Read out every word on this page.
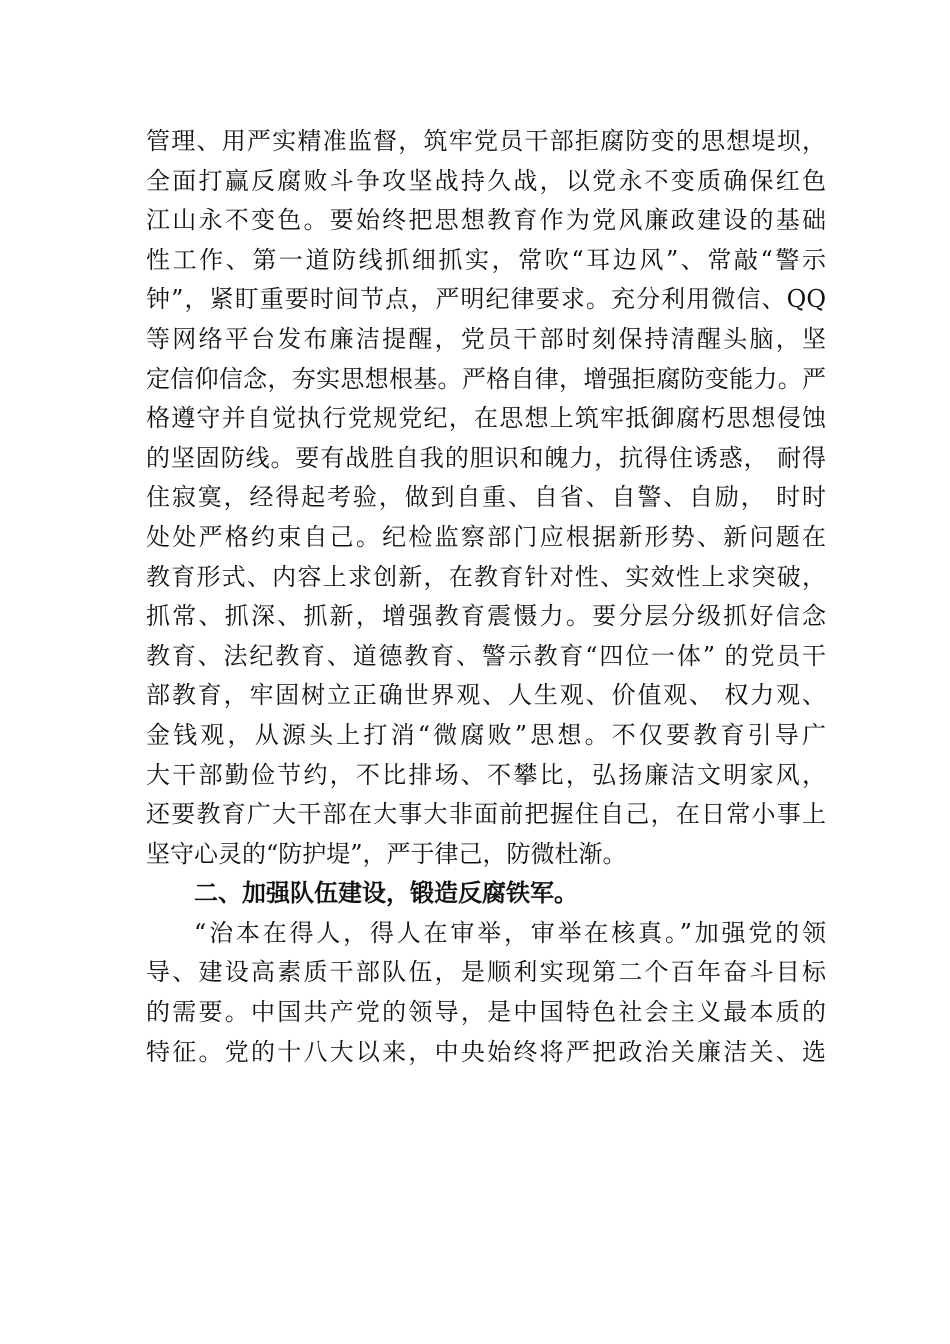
管理、用严实精准监督，筑牢党员干部拒腐防变的思想堤坝，
全面打赢反腐败斗争攻坚战持久战，以党永不变质确保红色
江山永不变色。要始终把思想教育作为党风廉政建设的基础
性工作、第一道防线抓细抓实，常吹“耳边风”、常敲“警示
钟”，紧盯重要时间节点，严明纪律要求。充分利用微信、QQ
等网络平台发布廉洁提醒，党员干部时刻保持清醒头脑，坚
定信仰信念，夯实思想根基。严格自律，增强拒腐防变能力。严
格遵守并自觉执行党规党纪，在思想上筑牢抵御腐朽思想侵蚀
的坚固防线。要有战胜自我的胆识和魄力，抗得住诱惑， 耐得
住寂寞，经得起考验，做到自重、自省、自警、自励， 时时
处处严格约束自己。纪检监察部门应根据新形势、新问题在
教育形式、内容上求创新，在教育针对性、实效性上求突破，
抓常、抓深、抓新，增强教育震慑力。要分层分级抓好信念
教育、法纪教育、道德教育、警示教育“四位一体” 的党员干
部教育，牢固树立正确世界观、人生观、价值观、 权力观、
金钱观，从源头上打消“微腐败”思想。不仅要教育引导广
大干部勤俭节约，不比排场、不攀比，弘扬廉洁文明家风，
还要教育广大干部在大事大非面前把握住自己，在日常小事上
坚守心灵的“防护堤”，严于律己，防微杜渐。
二、加强队伍建设，锻造反腐铁军。
“治本在得人，得人在审举，审举在核真。”加强党的领
导、建设高素质干部队伍，是顺利实现第二个百年奋斗目标
的需要。中国共产党的领导，是中国特色社会主义最本质的
特征。党的十八大以来，中央始终将严把政治关廉洁关、选
